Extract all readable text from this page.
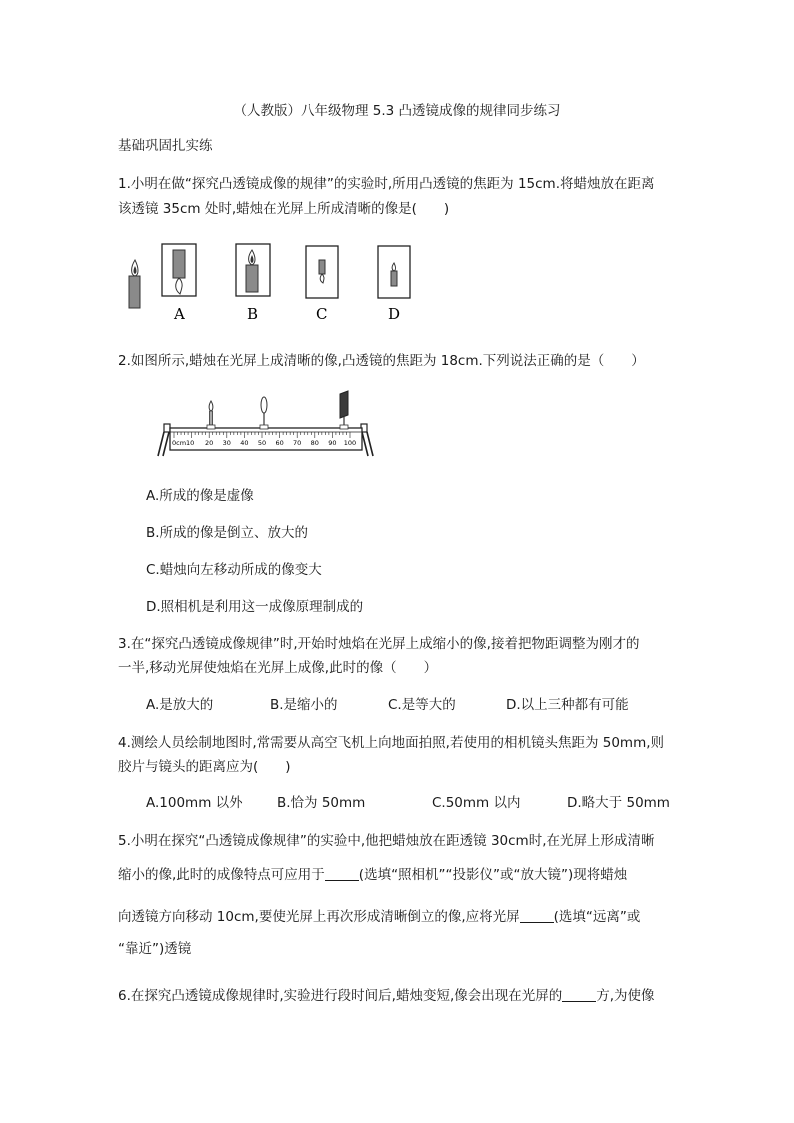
（人教版）八年级物理 5.3 凸透镜成像的规律同步练习
基础巩固扎实练
1.小明在做“探究凸透镜成像的规律”的实验时,所用凸透镜的焦距为 15cm.将蜡烛放在距离
该透镜 35cm 处时,蜡烛在光屏上所成清晰的像是(　　)
A	B	C	D
2.如图所示,蜡烛在光屏上成清晰的像,凸透镜的焦距为 18cm.下列说法正确的是（　　）
0cm10 20 30 40 50 60 70 80 90 100
A.所成的像是虚像
B.所成的像是倒立、放大的
C.蜡烛向左移动所成的像变大
D.照相机是利用这一成像原理制成的
3.在“探究凸透镜成像规律”时,开始时烛焰在光屏上成缩小的像,接着把物距调整为刚才的
一半,移动光屏使烛焰在光屏上成像,此时的像（　　）
A.是放大的	B.是缩小的	C.是等大的	D.以上三种都有可能
4.测绘人员绘制地图时,常需要从高空飞机上向地面拍照,若使用的相机镜头焦距为 50mm,则
胶片与镜头的距离应为(　　)
A.100mm 以外	B.恰为 50mm	C.50mm 以内	D.略大于 50mm
5.小明在探究“凸透镜成像规律”的实验中,他把蜡烛放在距透镜 30cm时,在光屏上形成清晰
缩小的像,此时的成像特点可应用于	(选填“照相机”“投影仪”或“放大镜”)现将蜡烛
向透镜方向移动 10cm,要使光屏上再次形成清晰倒立的像,应将光屏	(选填“远离”或
“靠近”)透镜
6.在探究凸透镜成像规律时,实验进行段时间后,蜡烛变短,像会出现在光屏的	方,为使像
